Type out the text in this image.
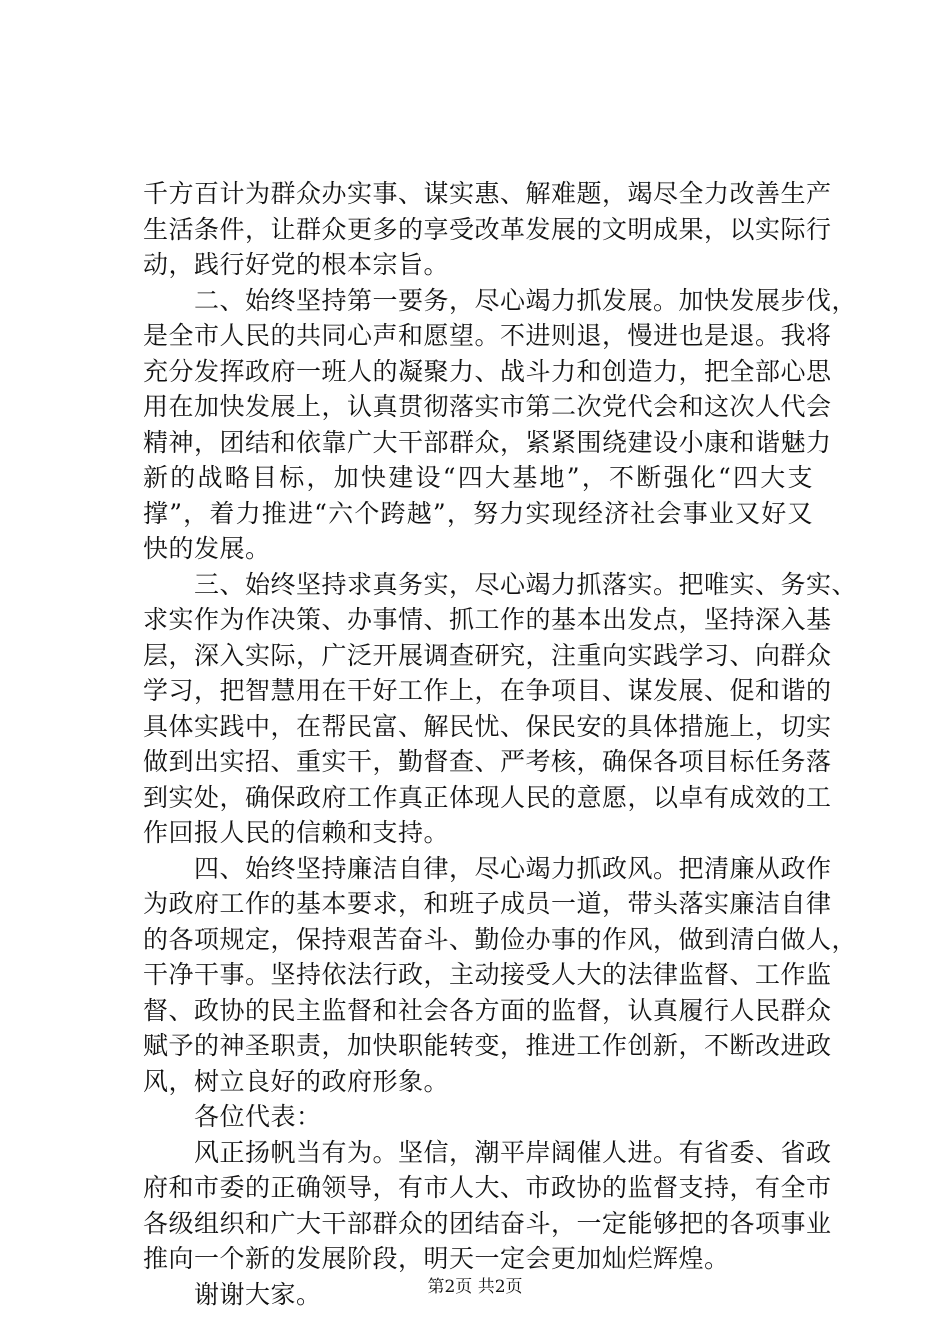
千方百计为群众办实事、谋实惠、解难题，竭尽全力改善生产
生活条件，让群众更多的享受改革发展的文明成果，以实际行
动，践行好党的根本宗旨。
二、始终坚持第一要务，尽心竭力抓发展。加快发展步伐，
是全市人民的共同心声和愿望。不进则退，慢进也是退。我将
充分发挥政府一班人的凝聚力、战斗力和创造力，把全部心思
用在加快发展上，认真贯彻落实市第二次党代会和这次人代会
精神，团结和依靠广大干部群众，紧紧围绕建设小康和谐魅力
新的战略目标，加快建设“四大基地”，不断强化“四大支
撑”，着力推进“六个跨越”，努力实现经济社会事业又好又
快的发展。
三、始终坚持求真务实，尽心竭力抓落实。把唯实、务实、
求实作为作决策、办事情、抓工作的基本出发点，坚持深入基
层，深入实际，广泛开展调查研究，注重向实践学习、向群众
学习，把智慧用在干好工作上，在争项目、谋发展、促和谐的
具体实践中，在帮民富、解民忧、保民安的具体措施上，切实
做到出实招、重实干，勤督查、严考核，确保各项目标任务落
到实处，确保政府工作真正体现人民的意愿，以卓有成效的工
作回报人民的信赖和支持。
四、始终坚持廉洁自律，尽心竭力抓政风。把清廉从政作
为政府工作的基本要求，和班子成员一道，带头落实廉洁自律
的各项规定，保持艰苦奋斗、勤俭办事的作风，做到清白做人，
干净干事。坚持依法行政，主动接受人大的法律监督、工作监
督、政协的民主监督和社会各方面的监督，认真履行人民群众
赋予的神圣职责，加快职能转变，推进工作创新，不断改进政
风，树立良好的政府形象。
各位代表：
风正扬帆当有为。坚信，潮平岸阔催人进。有省委、省政
府和市委的正确领导，有市人大、市政协的监督支持，有全市
各级组织和广大干部群众的团结奋斗，一定能够把的各项事业
推向一个新的发展阶段，明天一定会更加灿烂辉煌。
谢谢大家。	第2页 共2页
